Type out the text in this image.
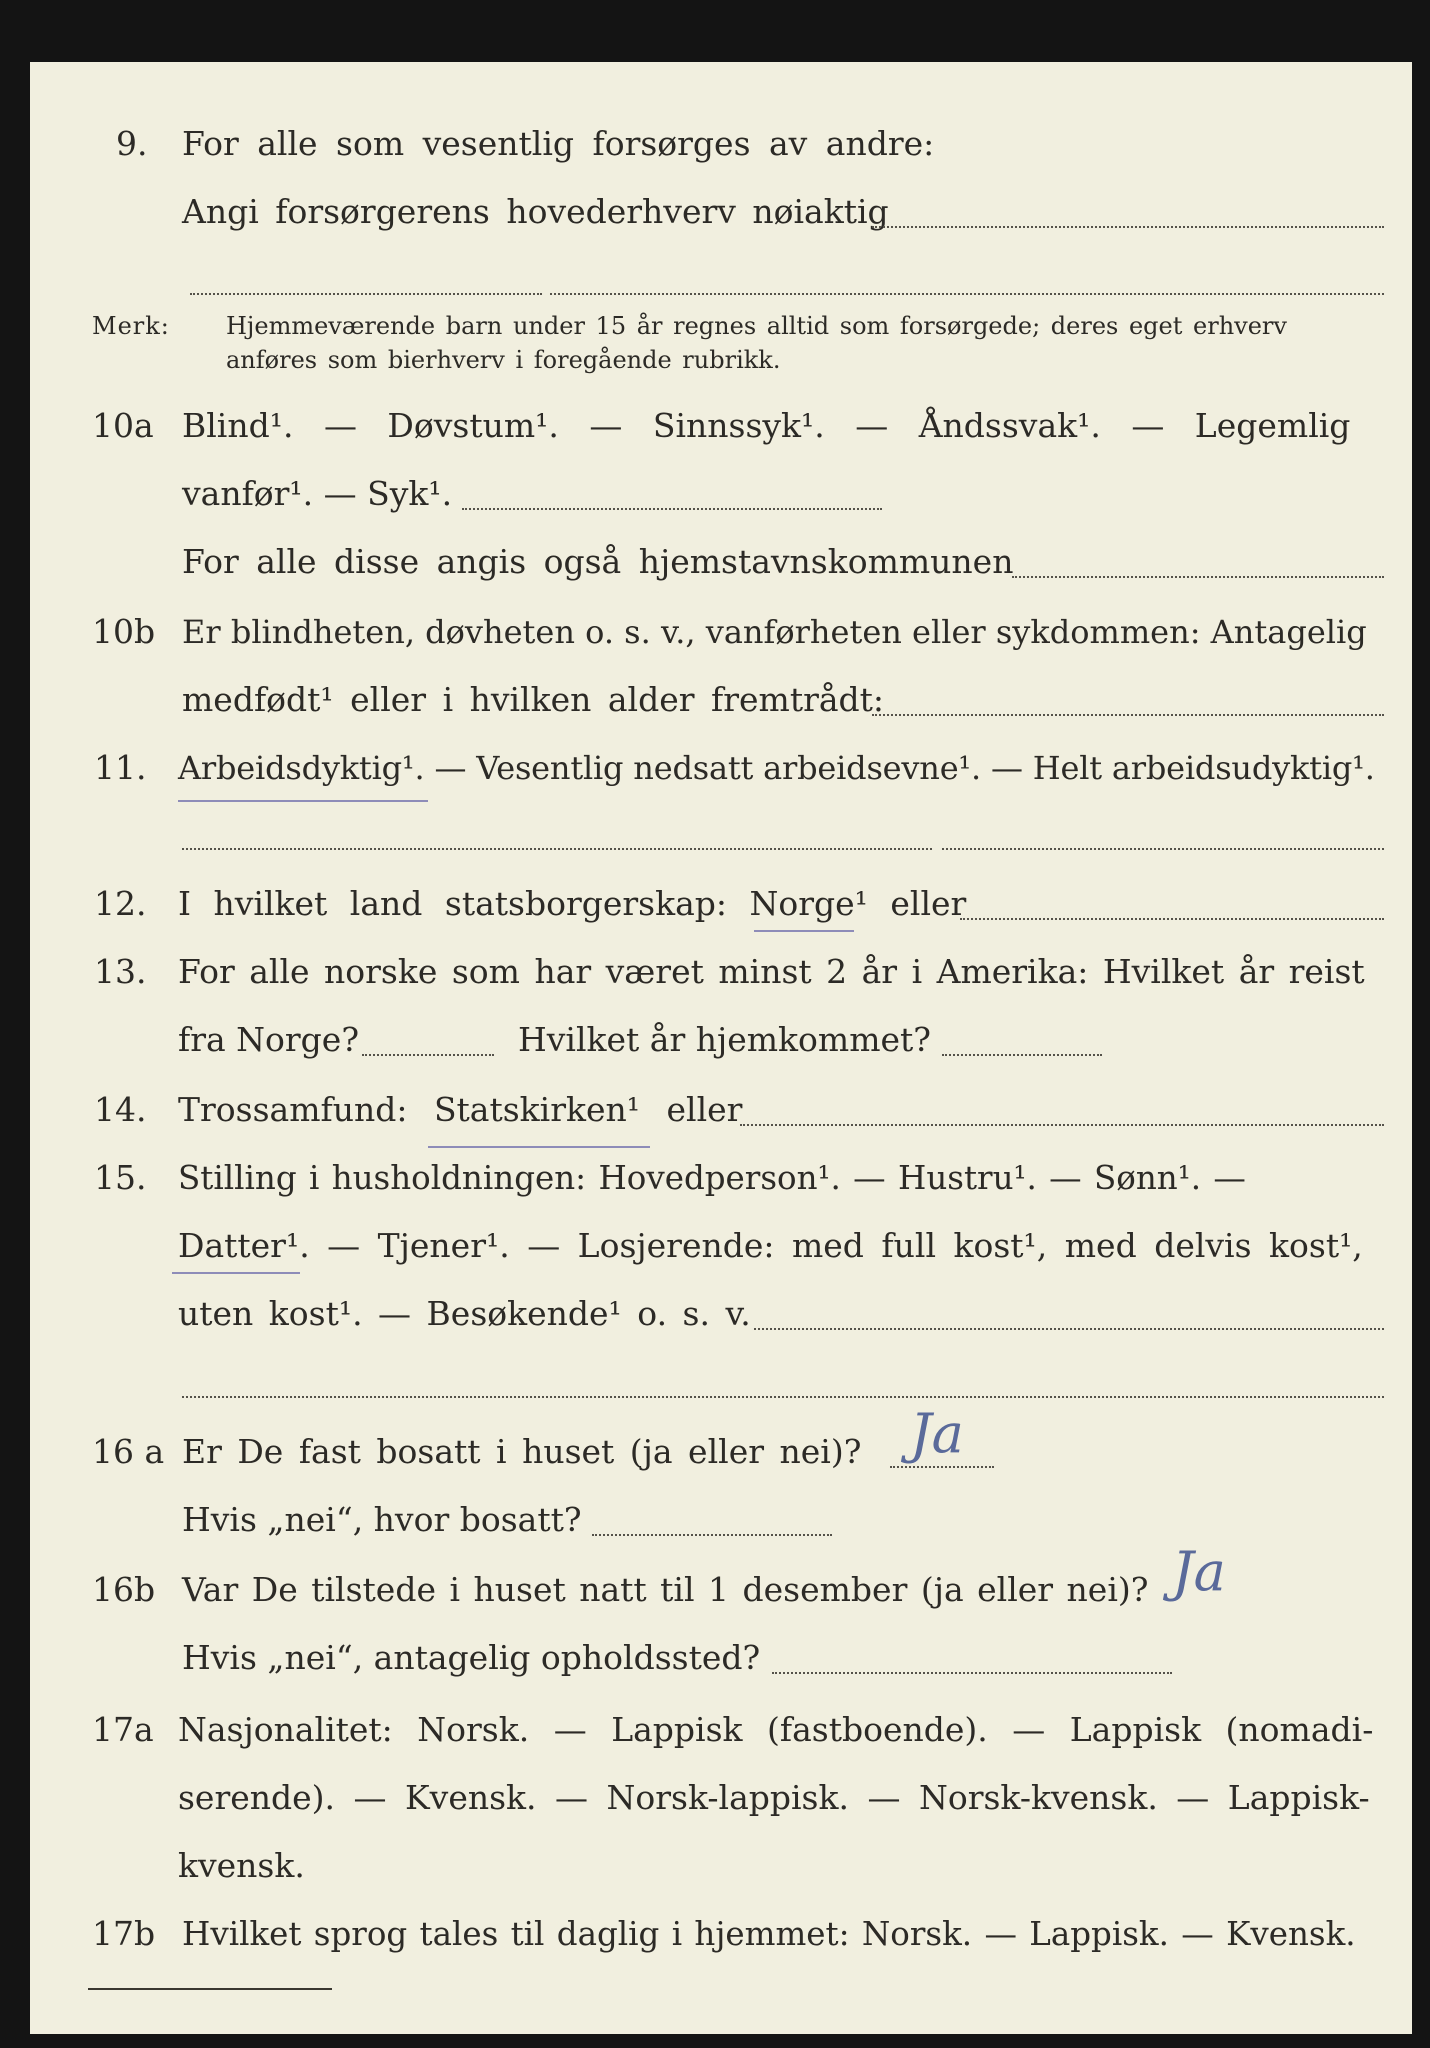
9. For alle som vesentlig forsørges av andre:
Angi forsørgerens hovederhverv nøiaktig
Merk: Hjemmeværende barn under 15 år regnes alltid som forsørgede; deres eget erhverv
anføres som bierhverv i foregående rubrikk.
10a Blind¹. — Døvstum¹. — Sinnssyk¹. — Åndssvak¹. — Legemlig
vanfør¹. — Syk¹.
For alle disse angis også hjemstavnskommunen
10b Er blindheten, døvheten o. s. v., vanførheten eller sykdommen: Antagelig
medfødt¹ eller i hvilken alder fremtrådt:
11. Arbeidsdyktig¹. — Vesentlig nedsatt arbeidsevne¹. — Helt arbeidsudyktig¹.
12. I hvilket land statsborgerskap: Norge¹ eller
13. For alle norske som har været minst 2 år i Amerika: Hvilket år reist
fra Norge?	Hvilket år hjemkommet?
14. Trossamfund: Statskirken¹ eller
15. Stilling i husholdningen: Hovedperson¹. — Hustru¹. — Sønn¹. —
Datter¹. — Tjener¹. — Losjerende: med full kost¹, med delvis kost¹,
uten kost¹. — Besøkende¹ o. s. v.
16 a Er De fast bosatt i huset (ja eller nei)? Ja
Hvis „nei“, hvor bosatt?
16b Var De tilstede i huset natt til 1 desember (ja eller nei)? Ja
Hvis „nei“, antagelig opholdssted?
17a Nasjonalitet: Norsk. — Lappisk (fastboende). — Lappisk (nomadi-
serende). — Kvensk. — Norsk-lappisk. — Norsk-kvensk. — Lappisk-
kvensk.
17b Hvilket sprog tales til daglig i hjemmet: Norsk. — Lappisk. — Kvensk.
